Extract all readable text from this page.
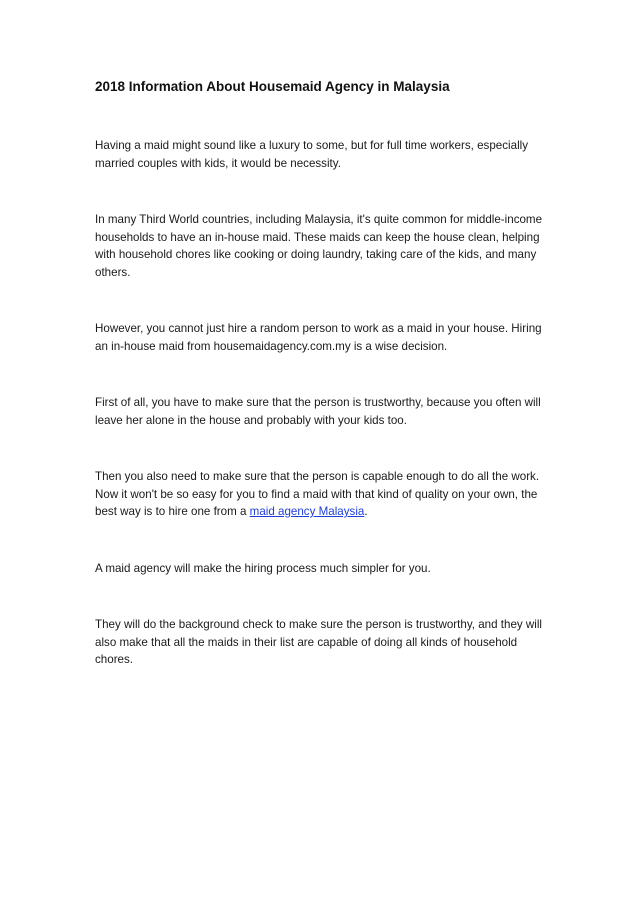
2018 Information About Housemaid Agency in Malaysia

Having a maid might sound like a luxury to some, but for full time workers, especially married couples with kids, it would be necessity.

In many Third World countries, including Malaysia, it's quite common for middle-income households to have an in-house maid. These maids can keep the house clean, helping with household chores like cooking or doing laundry, taking care of the kids, and many others.

However, you cannot just hire a random person to work as a maid in your house. Hiring an in-house maid from housemaidagency.com.my is a wise decision.

First of all, you have to make sure that the person is trustworthy, because you often will leave her alone in the house and probably with your kids too.

Then you also need to make sure that the person is capable enough to do all the work. Now it won't be so easy for you to find a maid with that kind of quality on your own, the best way is to hire one from a maid agency Malaysia.

A maid agency will make the hiring process much simpler for you.

They will do the background check to make sure the person is trustworthy, and they will also make that all the maids in their list are capable of doing all kinds of household chores.
